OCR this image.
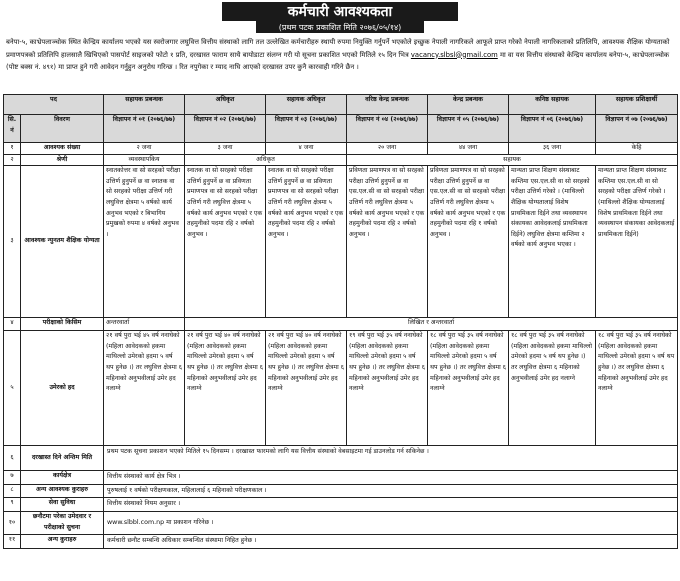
कर्मचारी आवश्यकता
(प्रथम पटक प्रकाशित मिति २०७६/०५/१४)
बनेपा-५, काभ्रेपलाञ्चोक स्थित केन्द्रिय कार्यालय भएको यस स्वरोजगार लघुवित्त वित्तीय संस्थाको लागि तल उल्लेखित कर्मचारीहरु स्थायी रुपमा नियुक्ति गर्नुपर्ने भएकोले इच्छुक नेपाली नागरिकले आफूले प्राप्त गरेको नेपाली नागरिकताको प्रतिलिपि, आवश्यक शैक्षिक योग्यताको प्रमाणपत्रको प्रतिलिपि हालसालै खिचिएको पासपोर्ट साइजको फोटो १ प्रति, दरखास्त फाराम साथै बायोडाटा संलग्न गरी यो सूचना प्रकाशित भएको मितिले १५ दिन भित्र vacancy.slbsl@gmail.com मा वा यस वित्तीय संस्थाको केन्द्रिय कार्यालय बनेपा-५, काभ्रेपलाञ्चोक (पोष्ट बक्स नं. ४९१) मा प्राप्त हुने गरी आवेदन गर्नुहुन अनुरोध गरिन्छ । रित नपुगेका र म्याद नाघि आएको दरखास्त उपर कुनै कारवाही गरिने छैन ।
पद		सहायक प्रबन्धक	अधिकृत	सहायक अधिकृत	वरिष्ठ केन्द्र प्रबन्धक	केन्द्र प्रबन्धक	कनिष्ठ सहायक	सहायक प्रशिक्षार्थी
सि. नं	विवरण	विज्ञापन नं ०१ (२०७६/७७)	विज्ञापन नं ०२ (२०७६/७७)	विज्ञापन नं ०३ (२०७६/७७)	विज्ञापन नं ०४ (२०७६/७७)	विज्ञापन नं ०५ (२०७६/७७)	विज्ञापन नं ०६ (२०७६/७७)	विज्ञापन नं ०७ (२०७६/७७)
१	आवश्यक संख्या	२ जना	३ जना	४ जना	२० जना	४४ जना	३६ जना	केहि
२	श्रेणी	व्यवस्थापकिय	अधिकृत		सहायक			
३	आवश्यक न्युनतम शैक्षिक योग्यता	स्नातकोत्तर वा सो सरहको परीक्षा उत्तिर्ण हुनुपर्ने छ वा स्नातक वा सो सरहको परीक्षा उत्तिर्ण गरी लघुवित्त क्षेत्रमा ५ वर्षको कार्य अनुभव भएको र बिभागिय प्रमुखको रुपमा ४ वर्षको अनुभव ।	स्नातक वा सो सरहको परीक्षा उत्तिर्ण हुनुपर्ने छ वा प्रविणता प्रमाणपत्र वा सो सरहको परीक्षा उत्तिर्ण गरी लघुवित्त क्षेत्रमा ५ वर्षको कार्य अनुभव भएको र एक तहमुनीको पदमा रहि २ वर्षको अनुभव ।	स्नातक वा सो सरहको परीक्षा उत्तिर्ण हुनुपर्ने छ वा प्रविणता प्रमाणपत्र वा सो सरहको परीक्षा उत्तिर्ण गरी लघुवित्त क्षेत्रमा ५ वर्षको कार्य अनुभव भएको र एक तहमुनीको पदमा रहि २ वर्षको अनुभव ।	प्रविणता प्रमाणपत्र वा सो सरहको परीक्षा उत्तिर्ण हुनुपर्ने छ वा एस.एल.सी वा सो सरहको परीक्षा उत्तिर्ण गरी लघुवित्त क्षेत्रमा ५ वर्षको कार्य अनुभव भएको र एक तहमुनीको पदमा रहि २ वर्षको अनुभव ।	प्रविणता प्रमाणपत्र वा सो सरहको परीक्षा उत्तिर्ण हुनुपर्ने छ वा एस.एल.सी वा सो सरहको परीक्षा उत्तिर्ण गरी लघुवित्त क्षेत्रमा ५ वर्षको कार्य अनुभव भएको र एक तहमुनीको पदमा रहि १ वर्षको अनुभव ।	मान्यता प्राप्त शिक्षण संस्थाबाट कम्तिमा एस.एल.सी वा सो सरहको परीक्षा उत्तिर्ण गरेको । (माथिल्लो शैक्षिक योग्यतालाई विशेष प्राथमिकता दिईने तथा व्यवस्थापन संकायका आवेदकलाई प्राथमिकता दिईने) लघुवित्त क्षेत्रमा कम्तिमा २ वर्षको कार्य अनुभव भएका ।	मान्यता प्राप्त शिक्षण संस्थाबाट कम्तिमा एस.एल.सी वा सो सरहको परीक्षा उत्तिर्ण गरेको । (माथिल्लो शैक्षिक योग्यतालाई विशेष प्राथमिकता दिईने तथा व्यवस्थापन संकायका आवेदकलाई प्राथमिकता दिईने)
४	परीक्षाको किसिम	अन्तरवार्ता	लिखित र अन्तरवार्ता					
५	उमेरको हद	२१ वर्ष पुरा भई ४५ वर्ष ननाघेको (महिला आवेदकको हकमा माथिल्लो उमेरको हदमा ५ वर्ष थप हुनेछ ।) तर लघुवित्त क्षेत्रमा ६ महिनाको अनुभवीलाई उमेर हद नलाग्ने	२१ वर्ष पुरा भई ४० वर्ष ननाघेको (महिला आवेदकको हकमा माथिल्लो उमेरको हदमा ५ वर्ष थप हुनेछ ।) तर लघुवित्त क्षेत्रमा ६ महिनाको अनुभवीलाई उमेर हद नलाग्ने	२१ वर्ष पुरा भई ४० वर्ष ननाघेको (महिला आवेदकको हकमा माथिल्लो उमेरको हदमा ५ वर्ष थप हुनेछ ।) तर लघुवित्त क्षेत्रमा ६ महिनाको अनुभवीलाई उमेर हद नलाग्ने	१९ वर्ष पुरा भई ३५ वर्ष ननाघेको (महिला आवेदकको हकमा माथिल्लो उमेरको हदमा ५ वर्ष थप हुनेछ ।) तर लघुवित्त क्षेत्रमा ६ महिनाको अनुभवीलाई उमेर हद नलाग्ने	१८ वर्ष पुरा भई ३५ वर्ष ननाघेको (महिला आवेदकको हकमा माथिल्लो उमेरको हदमा ५ वर्ष थप हुनेछ ।) तर लघुवित्त क्षेत्रमा ६ महिनाको अनुभवीलाई उमेर हद नलाग्ने	१८ वर्ष पुरा भई ३५ वर्ष ननाघेको (महिला आवेदकको हकमा माथिल्लो उमेरको हदमा ५ वर्ष थप हुनेछ ।) तर लघुवित्त क्षेत्रमा ६ महिनाको अनुभवीलाई उमेर हद नलाग्ने	१८ वर्ष पुरा भई ३५ वर्ष ननाघेको (महिला आवेदकको हकमा माथिल्लो उमेरको हदमा ५ वर्ष थप हुनेछ ।) तर लघुवित्त क्षेत्रमा ६ महिनाको अनुभवीलाई उमेर हद नलाग्ने
६	दरखास्त दिने अन्तिम मिति	प्रथम पटक सूचना प्रकाशन भएको मितिले १५ दिनसम्म । दरखास्त फारमको लागि यस वित्तीय संस्थाको वेबसाइटमा गई डाउनलोड गर्न सकिनेछ ।						
७	कार्यक्षेत्र	वित्तीय संस्थाको कार्य क्षेत्र भित्र ।						
८	अन्य आवश्यक कुराहरु	पुरुषलाई १ वर्षको परीक्षणकाल, महिलालाई ६ महिनाको परीक्षणकाल ।						
९	सेवा सुविधा	वित्तीय संस्थाको नियम अनुसार ।						
१०	छनौटमा परेका उमेदवार र परीक्षाको सुचना	www.slbbl.com.np मा प्रकाशन गरिनेछ ।						
११	अन्य कुराहरु	कर्मचारी छनौट सम्बन्धि अधिकार सम्बन्धित संस्थामा निहित हुनेछ ।						
